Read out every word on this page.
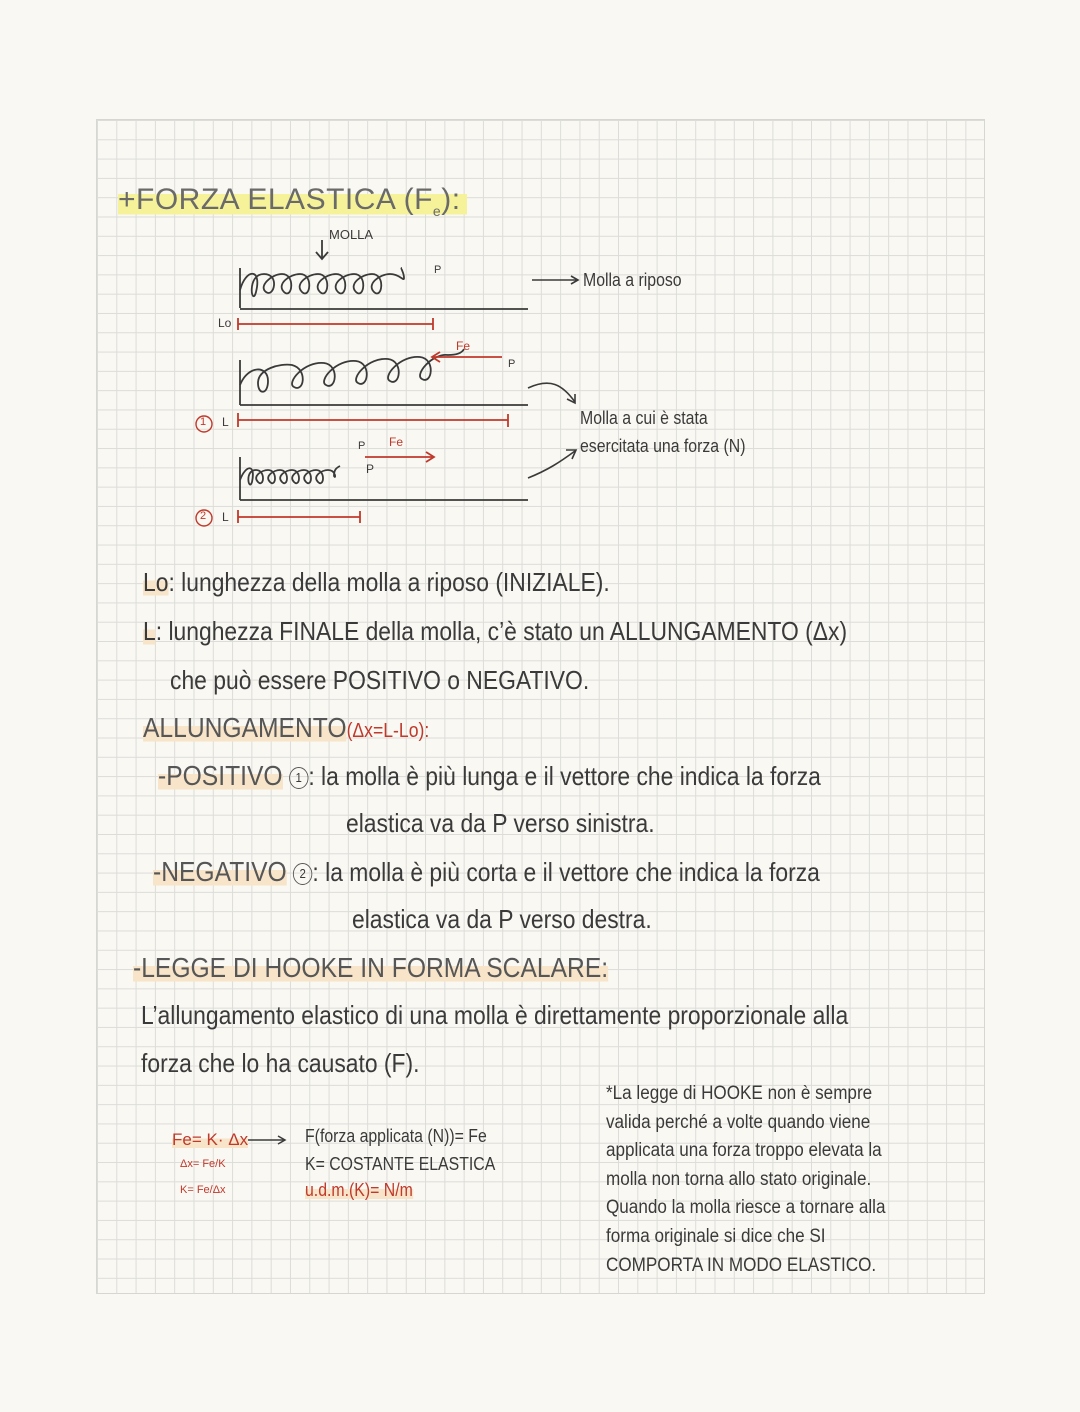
+FORZA ELASTICA $(F_e)$:
MOLLA
P
P
P
P
Fe
Fe
Lo
1 L
2 L
Molla a riposo
Molla a cui è stata
esercitata una forza (N)
Lo: lunghezza della molla a riposo (INIZIALE).
L: lunghezza FINALE della molla, c’è stato un ALLUNGAMENTO (Δx)
che può essere POSITIVO o NEGATIVO.
ALLUNGAMENTO(Δx=L-Lo):
-POSITIVO 1 : la molla è più lunga e il vettore che indica la forza
elastica va da P verso sinistra.
-NEGATIVO 2 : la molla è più corta e il vettore che indica la forza
elastica va da P verso destra.
-LEGGE DI HOOKE IN FORMA SCALARE:
L’allungamento elastico di una molla è direttamente proporzionale alla
forza che lo ha causato (F).
Fe= K· Δx
Δx= Fe/K
K= Fe/Δx
F(forza applicata (N))= Fe
K= COSTANTE ELASTICA
u.d.m.(K)= N/m
*La legge di HOOKE non è sempre valida perché a volte quando viene applicata una forza troppo elevata la molla non torna allo stato originale. Quando la molla riesce a tornare alla forma originale si dice che SI COMPORTA IN MODO ELASTICO.
